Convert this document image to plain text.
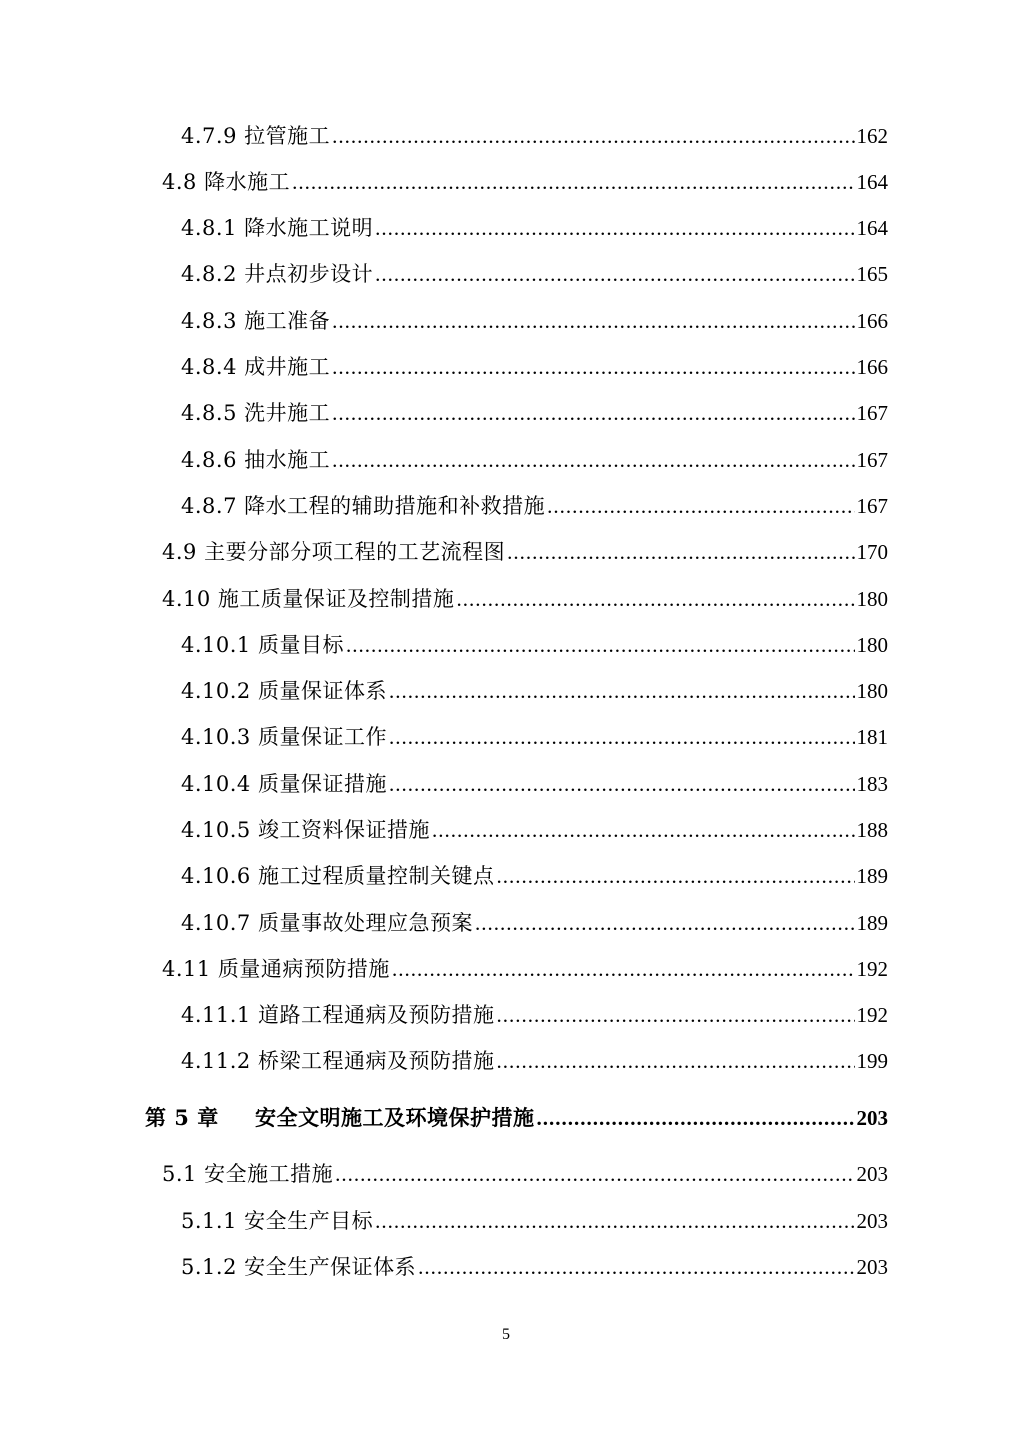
4.7.9 拉管施工 .....	162
4.8 降水施工 .....	164
4.8.1 降水施工说明 .....	164
4.8.2 井点初步设计 .....	165
4.8.3 施工准备 .....	166
4.8.4 成井施工 .....	166
4.8.5 洗井施工 .....	167
4.8.6 抽水施工 .....	167
4.8.7 降水工程的辅助措施和补救措施 .....	167
4.9 主要分部分项工程的工艺流程图 .....	170
4.10 施工质量保证及控制措施 .....	180
4.10.1 质量目标 .....	180
4.10.2 质量保证体系 .....	180
4.10.3 质量保证工作 .....	181
4.10.4 质量保证措施 .....	183
4.10.5 竣工资料保证措施 .....	188
4.10.6 施工过程质量控制关键点 .....	189
4.10.7 质量事故处理应急预案 .....	189
4.11 质量通病预防措施 .....	192
4.11.1 道路工程通病及预防措施 .....	192
4.11.2 桥梁工程通病及预防措施 .....	199
第 5 章 安全文明施工及环境保护措施 .....	203
5.1 安全施工措施 .....	203
5.1.1 安全生产目标 .....	203
5.1.2 安全生产保证体系 .....	203
5
